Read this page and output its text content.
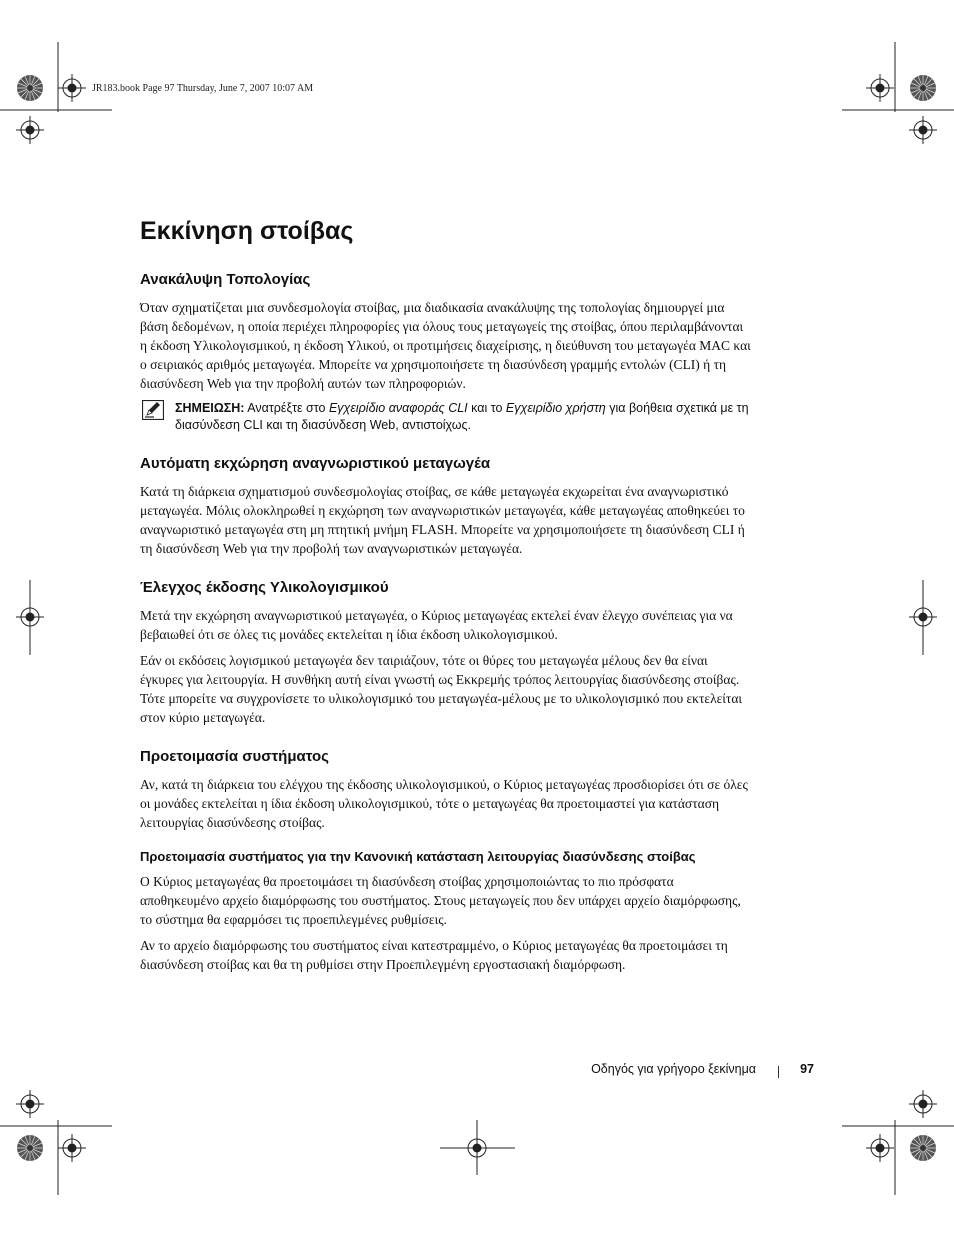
JR183.book Page 97 Thursday, June 7, 2007 10:07 AM
Εκκίνηση στοίβας
Ανακάλυψη Τοπολογίας

Όταν σχηματίζεται μια συνδεσμολογία στοίβας, μια διαδικασία ανακάλυψης της τοπολογίας δημιουργεί μια βάση δεδομένων, η οποία περιέχει πληροφορίες για όλους τους μεταγωγείς της στοίβας, όπου περιλαμβάνονται η έκδοση Υλικολογισμικού, η έκδοση Υλικού, οι προτιμήσεις διαχείρισης, η διεύθυνση του μεταγωγέα MAC και ο σειριακός αριθμός μεταγωγέα. Μπορείτε να χρησιμοποιήσετε τη διασύνδεση γραμμής εντολών (CLI) ή τη διασύνδεση Web για την προβολή αυτών των πληροφοριών.

ΣΗΜΕΙΩΣΗ: Ανατρέξτε στο Εγχειρίδιο αναφοράς CLI και το Εγχειρίδιο χρήστη για βοήθεια σχετικά με τη διασύνδεση CLI και τη διασύνδεση Web, αντιστοίχως.
Αυτόματη εκχώρηση αναγνωριστικού μεταγωγέα

Κατά τη διάρκεια σχηματισμού συνδεσμολογίας στοίβας, σε κάθε μεταγωγέα εκχωρείται ένα αναγνωριστικό μεταγωγέα. Μόλις ολοκληρωθεί η εκχώρηση των αναγνωριστικών μεταγωγέα, κάθε μεταγωγέας αποθηκεύει το αναγνωριστικό μεταγωγέα στη μη πτητική μνήμη FLASH. Μπορείτε να χρησιμοποιήσετε τη διασύνδεση CLI ή τη διασύνδεση Web για την προβολή των αναγνωριστικών μεταγωγέα.

Έλεγχος έκδοσης Υλικολογισμικού

Μετά την εκχώρηση αναγνωριστικού μεταγωγέα, ο Κύριος μεταγωγέας εκτελεί έναν έλεγχο συνέπειας για να βεβαιωθεί ότι σε όλες τις μονάδες εκτελείται η ίδια έκδοση υλικολογισμικού.

Εάν οι εκδόσεις λογισμικού μεταγωγέα δεν ταιριάζουν, τότε οι θύρες του μεταγωγέα μέλους δεν θα είναι έγκυρες για λειτουργία. Η συνθήκη αυτή είναι γνωστή ως Εκκρεμής τρόπος λειτουργίας διασύνδεσης στοίβας. Τότε μπορείτε να συγχρονίσετε το υλικολογισμικό του μεταγωγέα-μέλους με το υλικολογισμικό που εκτελείται στον κύριο μεταγωγέα.

Προετοιμασία συστήματος

Αν, κατά τη διάρκεια του ελέγχου της έκδοσης υλικολογισμικού, ο Κύριος μεταγωγέας προσδιορίσει ότι σε όλες οι μονάδες εκτελείται η ίδια έκδοση υλικολογισμικού, τότε ο μεταγωγέας θα προετοιμαστεί για κατάσταση λειτουργίας διασύνδεσης στοίβας.

Προετοιμασία συστήματος για την Κανονική κατάσταση λειτουργίας διασύνδεσης στοίβας

Ο Κύριος μεταγωγέας θα προετοιμάσει τη διασύνδεση στοίβας χρησιμοποιώντας το πιο πρόσφατα αποθηκευμένο αρχείο διαμόρφωσης του συστήματος. Στους μεταγωγείς που δεν υπάρχει αρχείο διαμόρφωσης, το σύστημα θα εφαρμόσει τις προεπιλεγμένες ρυθμίσεις.

Αν το αρχείο διαμόρφωσης του συστήματος είναι κατεστραμμένο, ο Κύριος μεταγωγέας θα προετοιμάσει τη διασύνδεση στοίβας και θα τη ρυθμίσει στην Προεπιλεγμένη εργοστασιακή διαμόρφωση.

Οδηγός για γρήγορο ξεκίνημα	97
